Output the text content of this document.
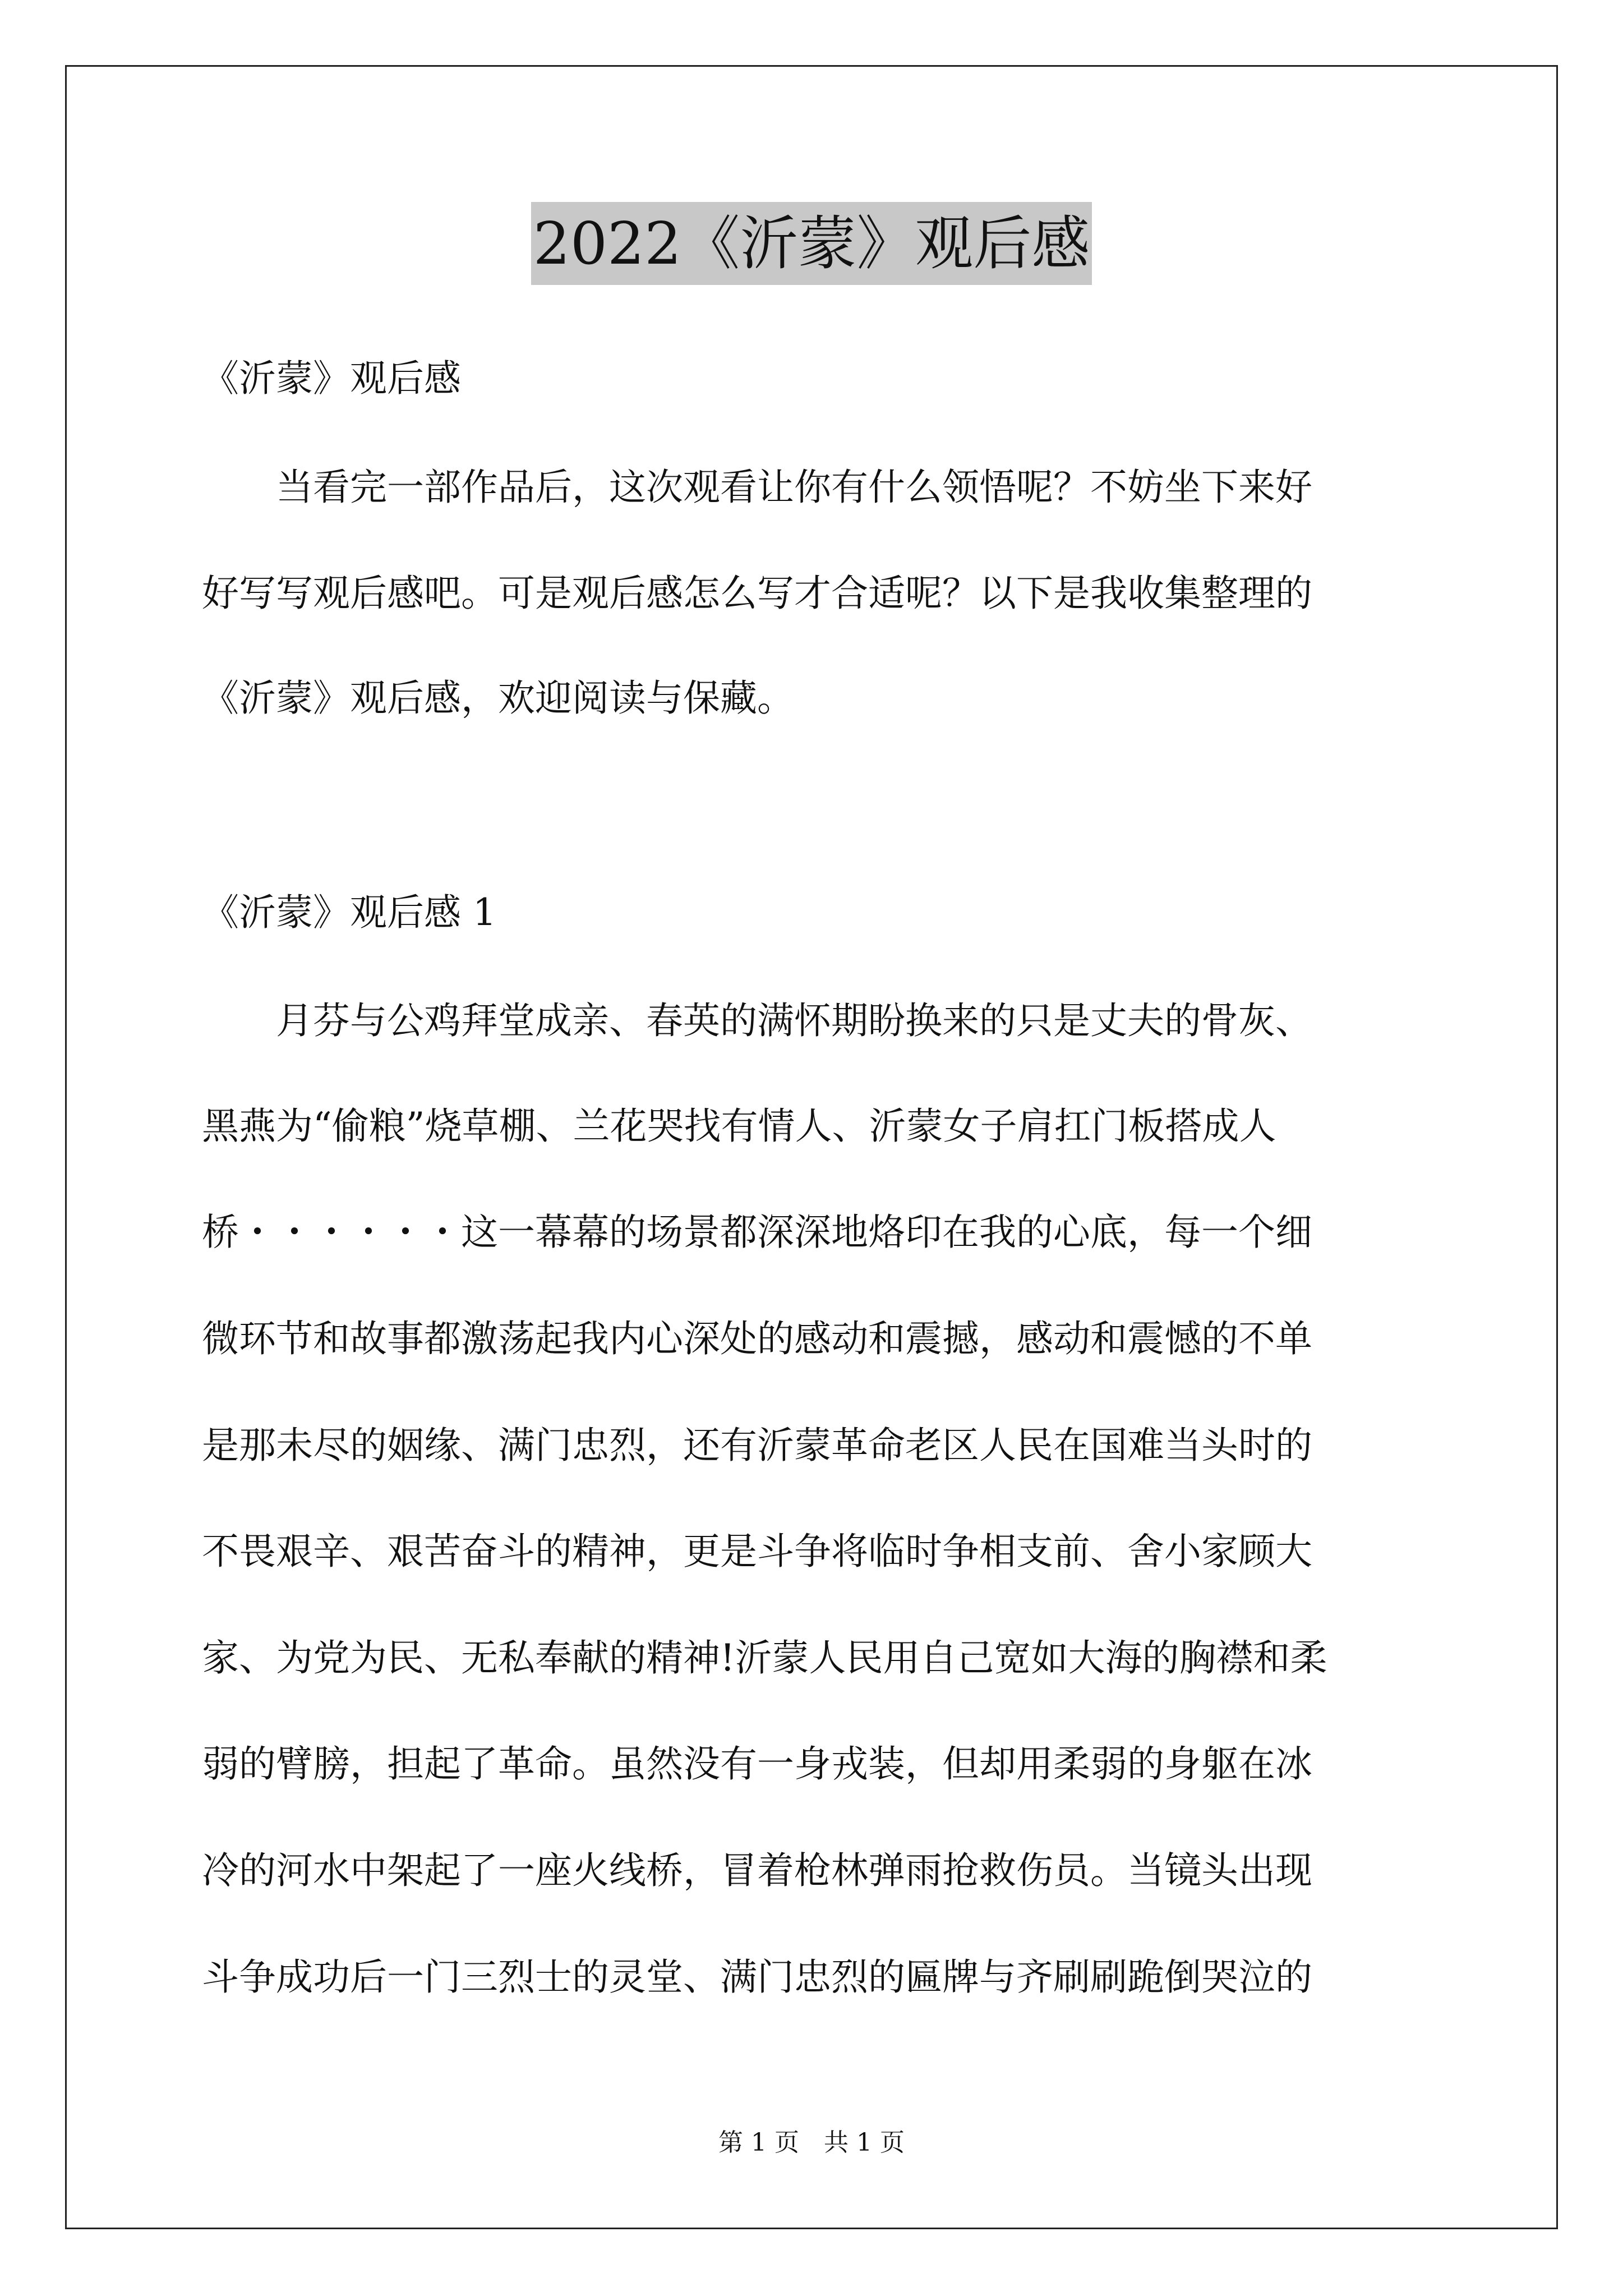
2022《沂蒙》观后感
《沂蒙》观后感
　　当看完一部作品后，这次观看让你有什么领悟呢？不妨坐下来好
好写写观后感吧。可是观后感怎么写才合适呢？以下是我收集整理的
《沂蒙》观后感，欢迎阅读与保藏。
《沂蒙》观后感 1
　　月芬与公鸡拜堂成亲、春英的满怀期盼换来的只是丈夫的骨灰、
黑燕为“偷粮”烧草棚、兰花哭找有情人、沂蒙女子肩扛门板搭成人
桥・・・・・・这一幕幕的场景都深深地烙印在我的心底，每一个细
微环节和故事都激荡起我内心深处的感动和震撼，感动和震憾的不单
是那未尽的姻缘、满门忠烈，还有沂蒙革命老区人民在国难当头时的
不畏艰辛、艰苦奋斗的精神，更是斗争将临时争相支前、舍小家顾大
家、为党为民、无私奉献的精神!沂蒙人民用自己宽如大海的胸襟和柔
弱的臂膀，担起了革命。虽然没有一身戎装，但却用柔弱的身躯在冰
冷的河水中架起了一座火线桥，冒着枪林弹雨抢救伤员。当镜头出现
斗争成功后一门三烈士的灵堂、满门忠烈的匾牌与齐刷刷跪倒哭泣的
第 1 页　共 1 页
